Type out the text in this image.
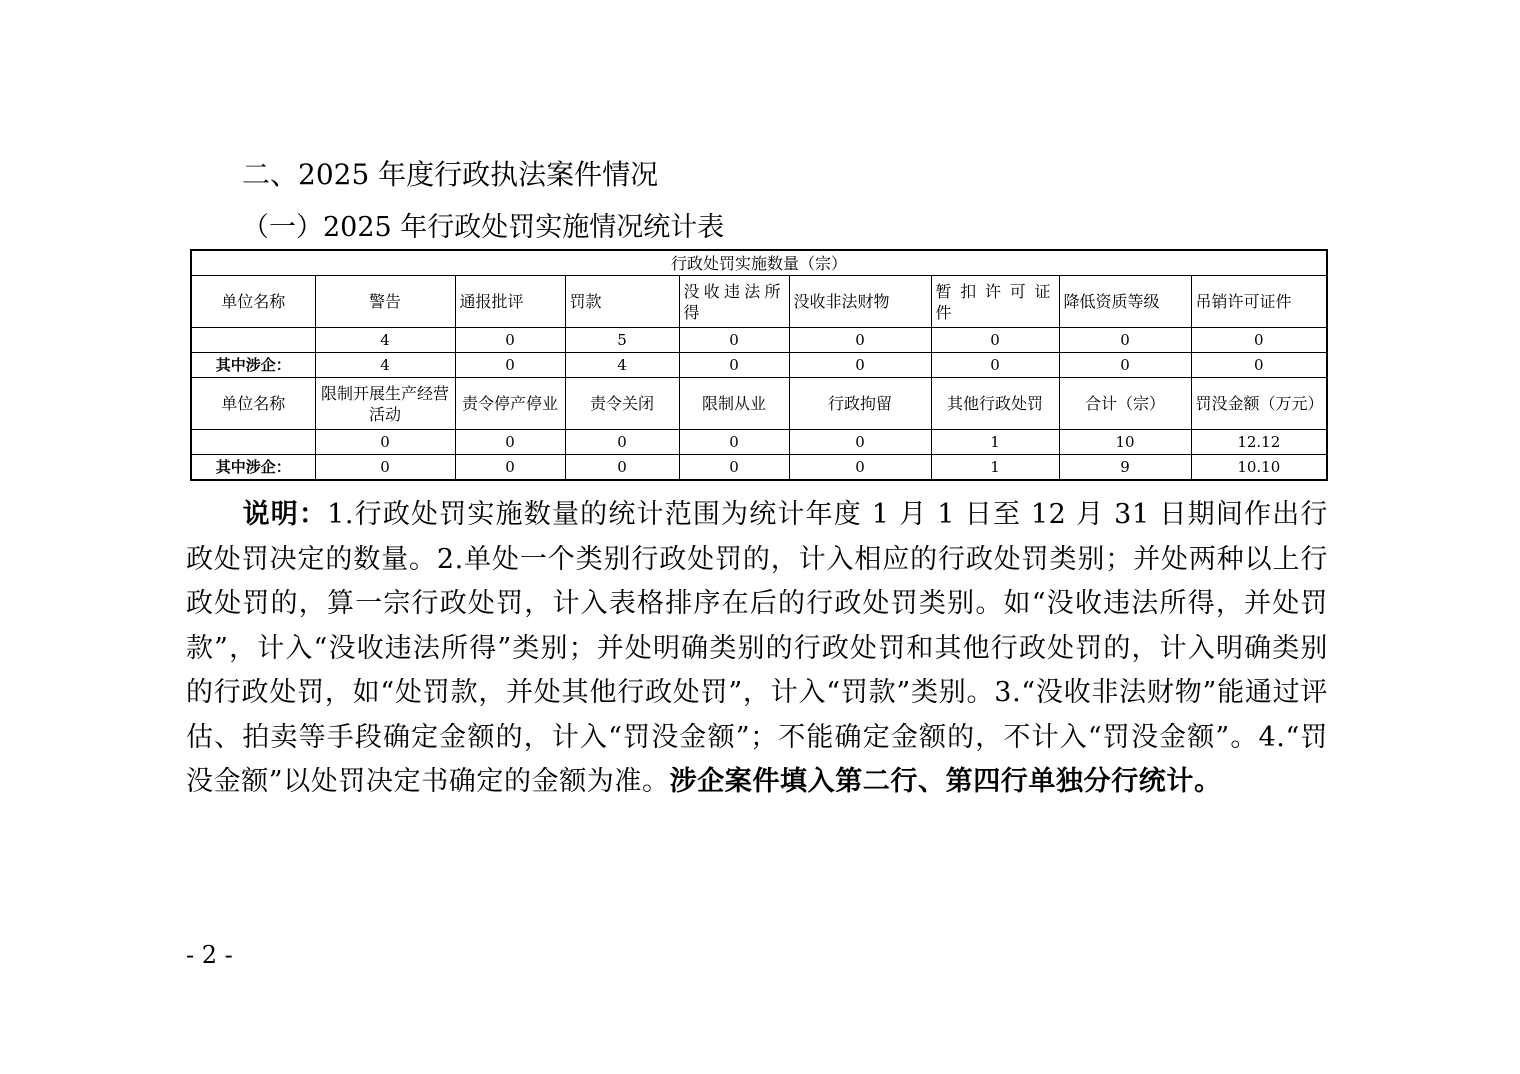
二、2025 年度行政执法案件情况
（一）2025 年行政处罚实施情况统计表
行政处罚实施数量（宗）								
单位名称	警告	通报批评	罚款	没收违法所得	没收非法财物	暂扣许可证件	降低资质等级	吊销许可证件
	4	0	5	0	0	0	0	0
其中涉企：	4	0	4	0	0	0	0	0
单位名称	限制开展生产经营活动	责令停产停业	责令关闭	限制从业	行政拘留	其他行政处罚	合计（宗）	罚没金额（万元）
	0	0	0	0	0	1	10	12.12
其中涉企：	0	0	0	0	0	1	9	10.10
说明：1.行政处罚实施数量的统计范围为统计年度 1 月 1 日至 12 月 31 日期间作出行政处罚决定的数量。2.单处一个类别行政处罚的，计入相应的行政处罚类别；并处两种以上行政处罚的，算一宗行政处罚，计入表格排序在后的行政处罚类别。如“没收违法所得，并处罚款”，计入“没收违法所得”类别；并处明确类别的行政处罚和其他行政处罚的，计入明确类别的行政处罚，如“处罚款，并处其他行政处罚”，计入“罚款”类别。3.“没收非法财物”能通过评估、拍卖等手段确定金额的，计入“罚没金额”；不能确定金额的，不计入“罚没金额”。4.“罚没金额”以处罚决定书确定的金额为准。涉企案件填入第二行、第四行单独分行统计。
- 2 -
